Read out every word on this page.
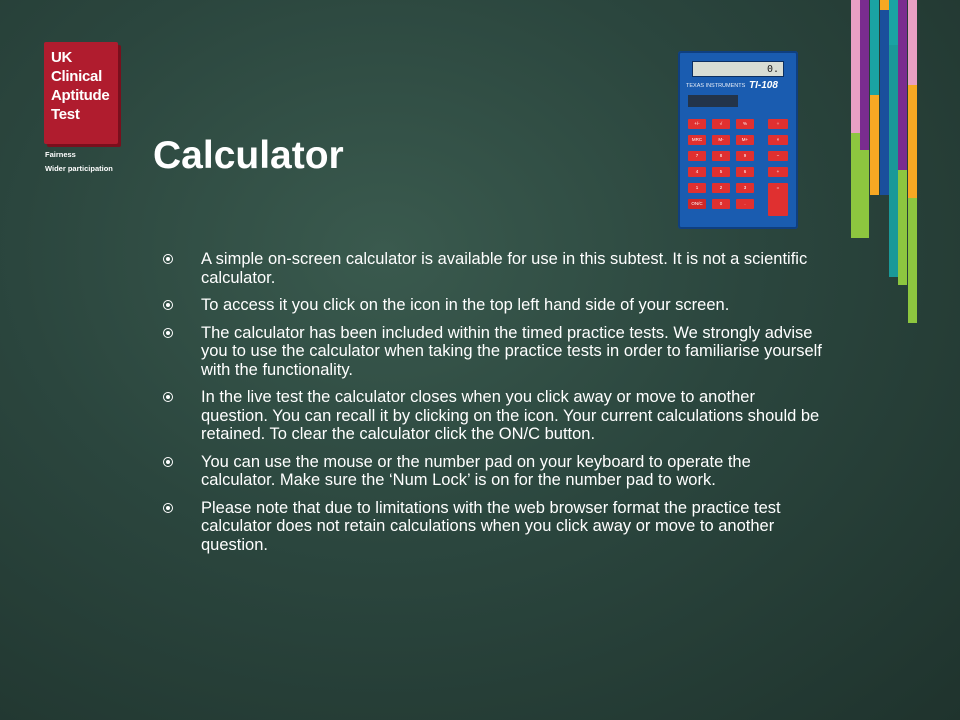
UK
Clinical
Aptitude
Test
Fairness
Wider participation Calculator
0.
TEXAS INSTRUMENTS TI-108
+/-	√	%	÷
MRC	M-	M+	×
7	8	9	−
4	5	6	+
1	2	3	=
ON/C	0	.
A simple on-screen calculator is available for use in this subtest. It is not a scientific calculator.
To access it you click on the icon in the top left hand side of your screen.
The calculator has been included within the timed practice tests. We strongly advise you to use the calculator when taking the practice tests in order to familiarise yourself with the functionality.
In the live test the calculator closes when you click away or move to another question. You can recall it by clicking on the icon. Your current calculations should be retained. To clear the calculator click the ON/C button.
You can use the mouse or the number pad on your keyboard to operate the calculator. Make sure the ‘Num Lock’ is on for the number pad to work.
Please note that due to limitations with the web browser format the practice test calculator does not retain calculations when you click away or move to another question.
